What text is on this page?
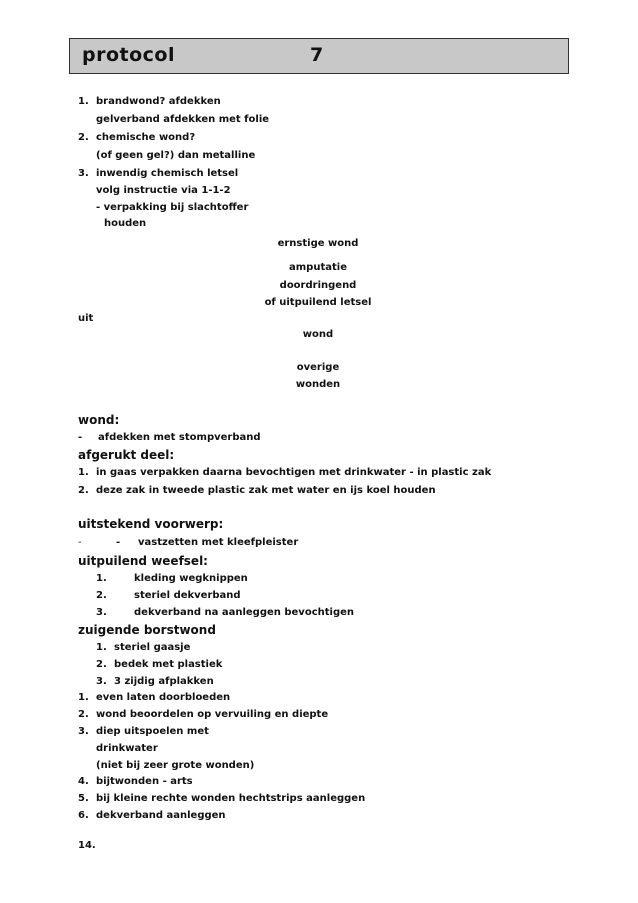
protocol	7
1. brandwond? afdekken
gelverband afdekken met folie
2. chemische wond?
(of geen gel?) dan metalline
3. inwendig chemisch letsel
volg instructie via 1-1-2
- verpakking bij slachtoffer
houden
ernstige wond
amputatie
doordringend
of uitpuilend letsel
uit
wond
overige
wonden
wond:
- afdekken met stompverband
afgerukt deel:
1. in gaas verpakken daarna bevochtigen met drinkwater - in plastic zak
2. deze zak in tweede plastic zak met water en ijs koel houden
uitstekend voorwerp:
-	- vastzetten met kleefpleister
uitpuilend weefsel:
1.	kleding wegknippen
2.	steriel dekverband
3.	dekverband na aanleggen bevochtigen
zuigende borstwond
1. steriel gaasje
2. bedek met plastiek
3. 3 zijdig afplakken
1. even laten doorbloeden
2. wond beoordelen op vervuiling en diepte
3. diep uitspoelen met
drinkwater
(niet bij zeer grote wonden)
4. bijtwonden - arts
5. bij kleine rechte wonden hechtstrips aanleggen
6. dekverband aanleggen
14.
